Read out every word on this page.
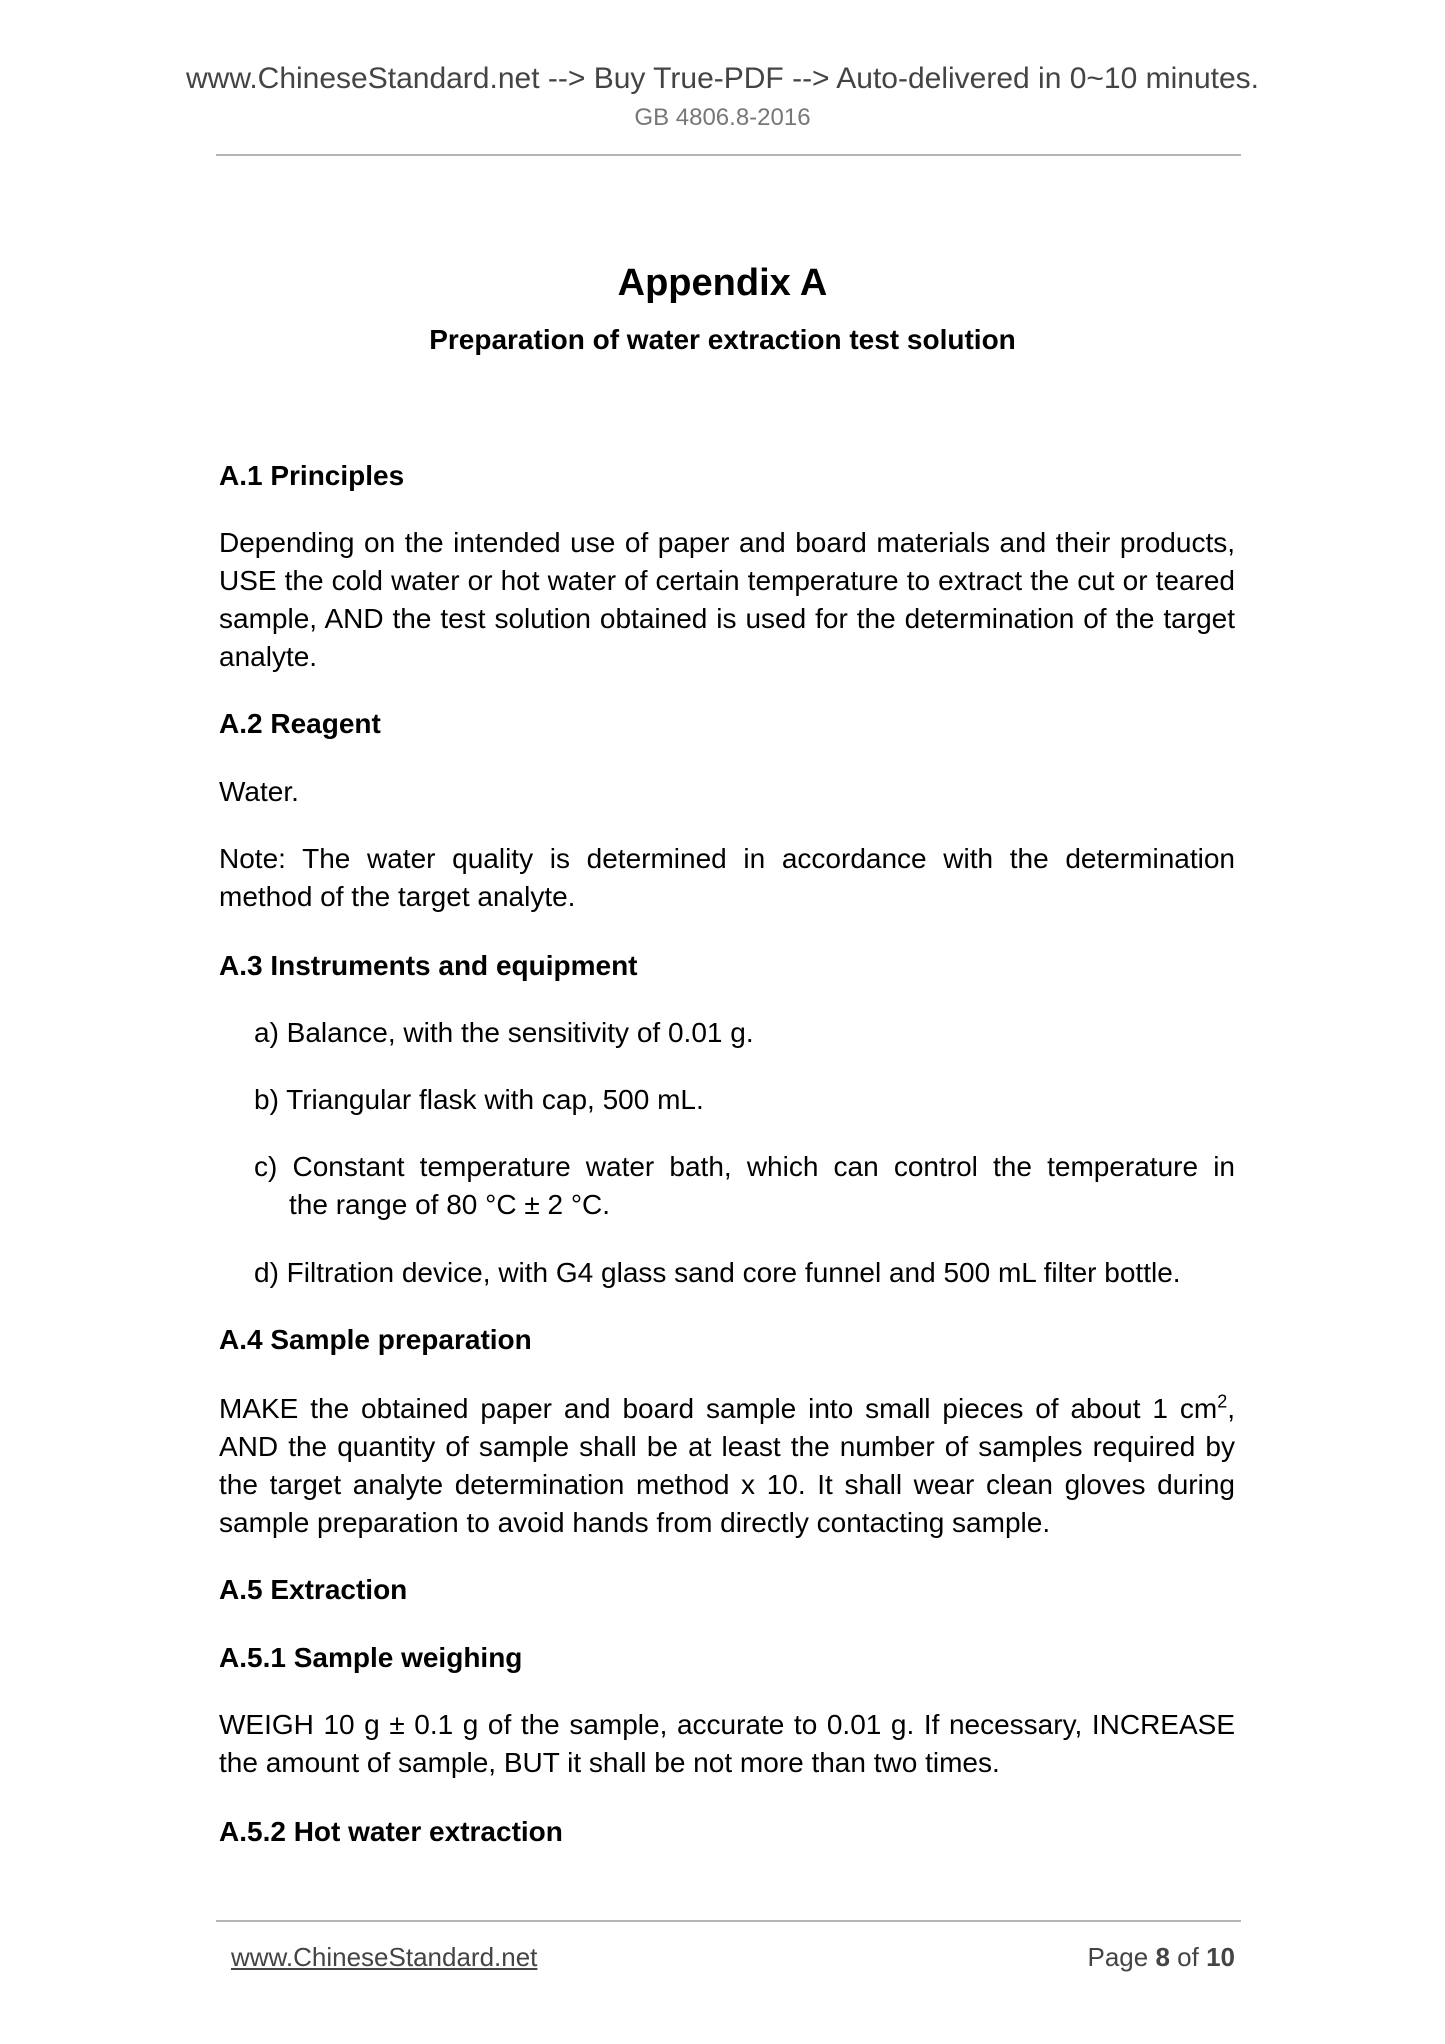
www.ChineseStandard.net --> Buy True-PDF --> Auto-delivered in 0~10 minutes.
GB 4806.8-2016
Appendix A
Preparation of water extraction test solution
A.1 Principles
Depending on the intended use of paper and board materials and their products, USE the cold water or hot water of certain temperature to extract the cut or teared sample, AND the test solution obtained is used for the determination of the target analyte.
A.2 Reagent
Water.
Note: The water quality is determined in accordance with the determination method of the target analyte.
A.3 Instruments and equipment
a) Balance, with the sensitivity of 0.01 g.
b) Triangular flask with cap, 500 mL.
c) Constant temperature water bath, which can control the temperature in
the range of 80 °C ± 2 °C.
d) Filtration device, with G4 glass sand core funnel and 500 mL filter bottle.
A.4 Sample preparation
MAKE the obtained paper and board sample into small pieces of about 1 $cm^2$, AND the quantity of sample shall be at least the number of samples required by the target analyte determination method x 10. It shall wear clean gloves during sample preparation to avoid hands from directly contacting sample.
A.5 Extraction
A.5.1 Sample weighing
WEIGH 10 g ± 0.1 g of the sample, accurate to 0.01 g. If necessary, INCREASE the amount of sample, BUT it shall be not more than two times.
A.5.2 Hot water extraction
www.ChineseStandard.net	Page 8 of 10
